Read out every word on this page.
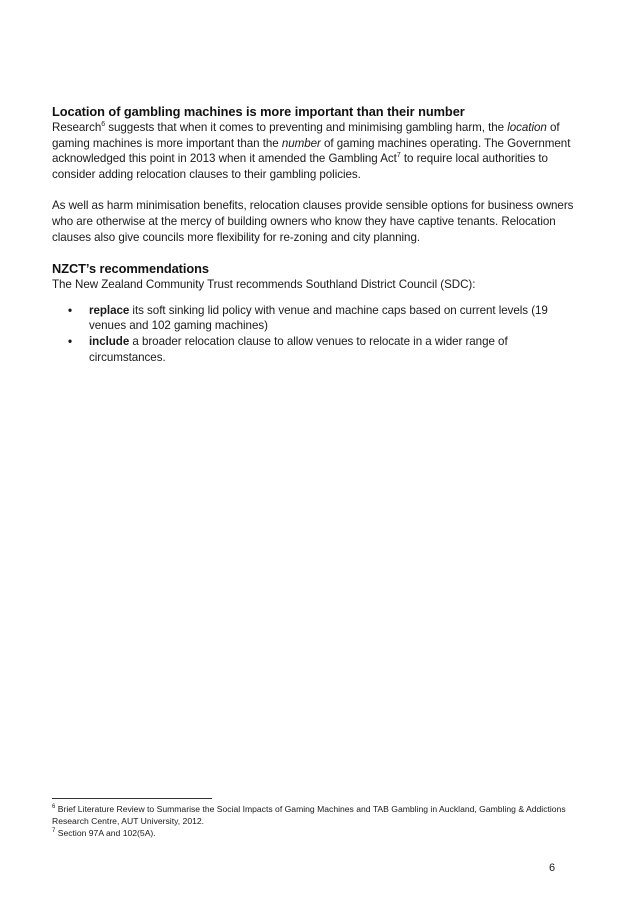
Location of gambling machines is more important than their number

Research$^6$ suggests that when it comes to preventing and minimising gambling harm, the location of gaming machines is more important than the number of gaming machines operating. The Government acknowledged this point in 2013 when it amended the Gambling Act$^7$ to require local authorities to consider adding relocation clauses to their gambling policies.

As well as harm minimisation benefits, relocation clauses provide sensible options for business owners who are otherwise at the mercy of building owners who know they have captive tenants. Relocation clauses also give councils more flexibility for re-zoning and city planning.

NZCT’s recommendations

The New Zealand Community Trust recommends Southland District Council (SDC):

• replace its soft sinking lid policy with venue and machine caps based on current levels (19 venues and 102 gaming machines)
• include a broader relocation clause to allow venues to relocate in a wider range of circumstances.

$^6$ Brief Literature Review to Summarise the Social Impacts of Gaming Machines and TAB Gambling in Auckland, Gambling & Addictions Research Centre, AUT University, 2012.

$^7$ Section 97A and 102(5A).

6
